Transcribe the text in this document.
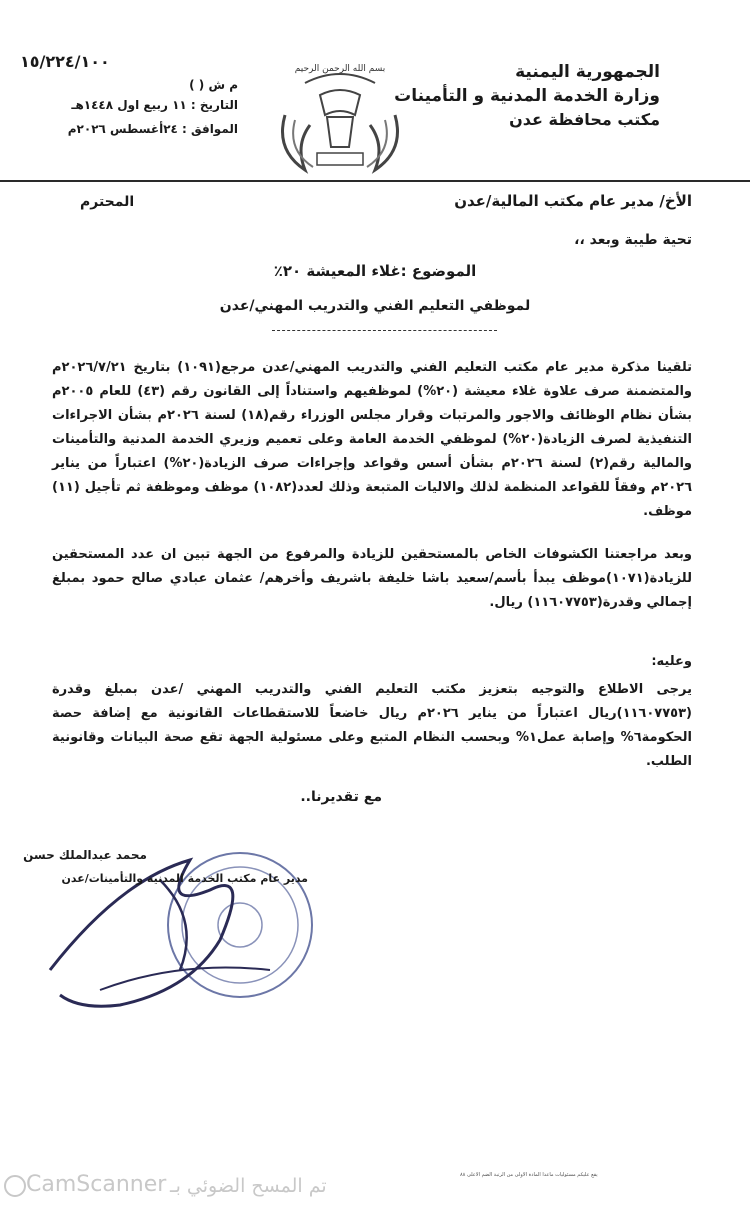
الجمهورية اليمنية
وزارة الخدمة المدنية و التأمينات
مكتب محافظة عدن
بسم الله الرحمن الرحيم
١٥/٢٢٤/١٠٠
م ش ( )
التاريخ : ١١ ربيع اول ١٤٤٨هـ
الموافق : ٢٤أغسطس ٢٠٢٦م
الأخ/ مدير عام مكتب المالية/عدن
المحترم
تحية طيبة وبعد ،،
الموضوع :غلاء المعيشة ٢٠٪
لموظفي التعليم الفني والتدريب المهني/عدن
تلقينا مذكرة مدير عام مكتب التعليم الفني والتدريب المهني/عدن مرجع(١٠٩١) بتاريخ ٢٠٢٦/٧/٢١م والمتضمنة صرف علاوة غلاء معيشة (٢٠%) لموظفيهم واستناداً إلى القانون رقم (٤٣) للعام ٢٠٠٥م بشأن نظام الوظائف والاجور والمرتبات وقرار مجلس الوزراء رقم(١٨) لسنة ٢٠٢٦م بشأن الاجراءات التنفيذية لصرف الزيادة(٢٠%) لموظفي الخدمة العامة وعلى تعميم وزيري الخدمة المدنية والتأمينات والمالية رقم(٢) لسنة ٢٠٢٦م بشأن أسس وقواعد وإجراءات صرف الزيادة(٢٠%) اعتباراً من يناير ٢٠٢٦م وفقاً للقواعد المنظمة لذلك والاليات المتبعة وذلك لعدد(١٠٨٢) موظف وموظفة ثم تأجيل (١١) موظف.
وبعد مراجعتنا الكشوفات الخاص بالمستحقين للزيادة والمرفوع من الجهة تبين ان عدد المستحقين للزيادة(١٠٧١)موظف يبدأ بأسم/سعيد باشا خليفة باشريف وأخرهم/ عثمان عبادي صالح حمود بمبلغ إجمالي وقدرة(١١٦٠٧٧٥٣) ريال.
وعليه:
يرجى الاطلاع والتوجيه بتعزيز مكتب التعليم الفني والتدريب المهني /عدن بمبلغ وقدرة (١١٦٠٧٧٥٣)ريال اعتباراً من يناير ٢٠٢٦م ريال خاضعاً للاستقطاعات القانونية مع إضافة حصة الحكومة٦% وإصابة عمل١% وبحسب النظام المتبع وعلى مسئولية الجهة تقع صحة البيانات وقانونية الطلب.
مع تقديرنا..
محمد عبدالملك حسن
مدير عام مكتب الخدمة المدنية والتأمينات/عدن
يقع عليكم مسئوليات ماعدا المادة الاولى من الرتبة الضم الاعلى ٨٨
CamScanner تم المسح الضوئي بـ
